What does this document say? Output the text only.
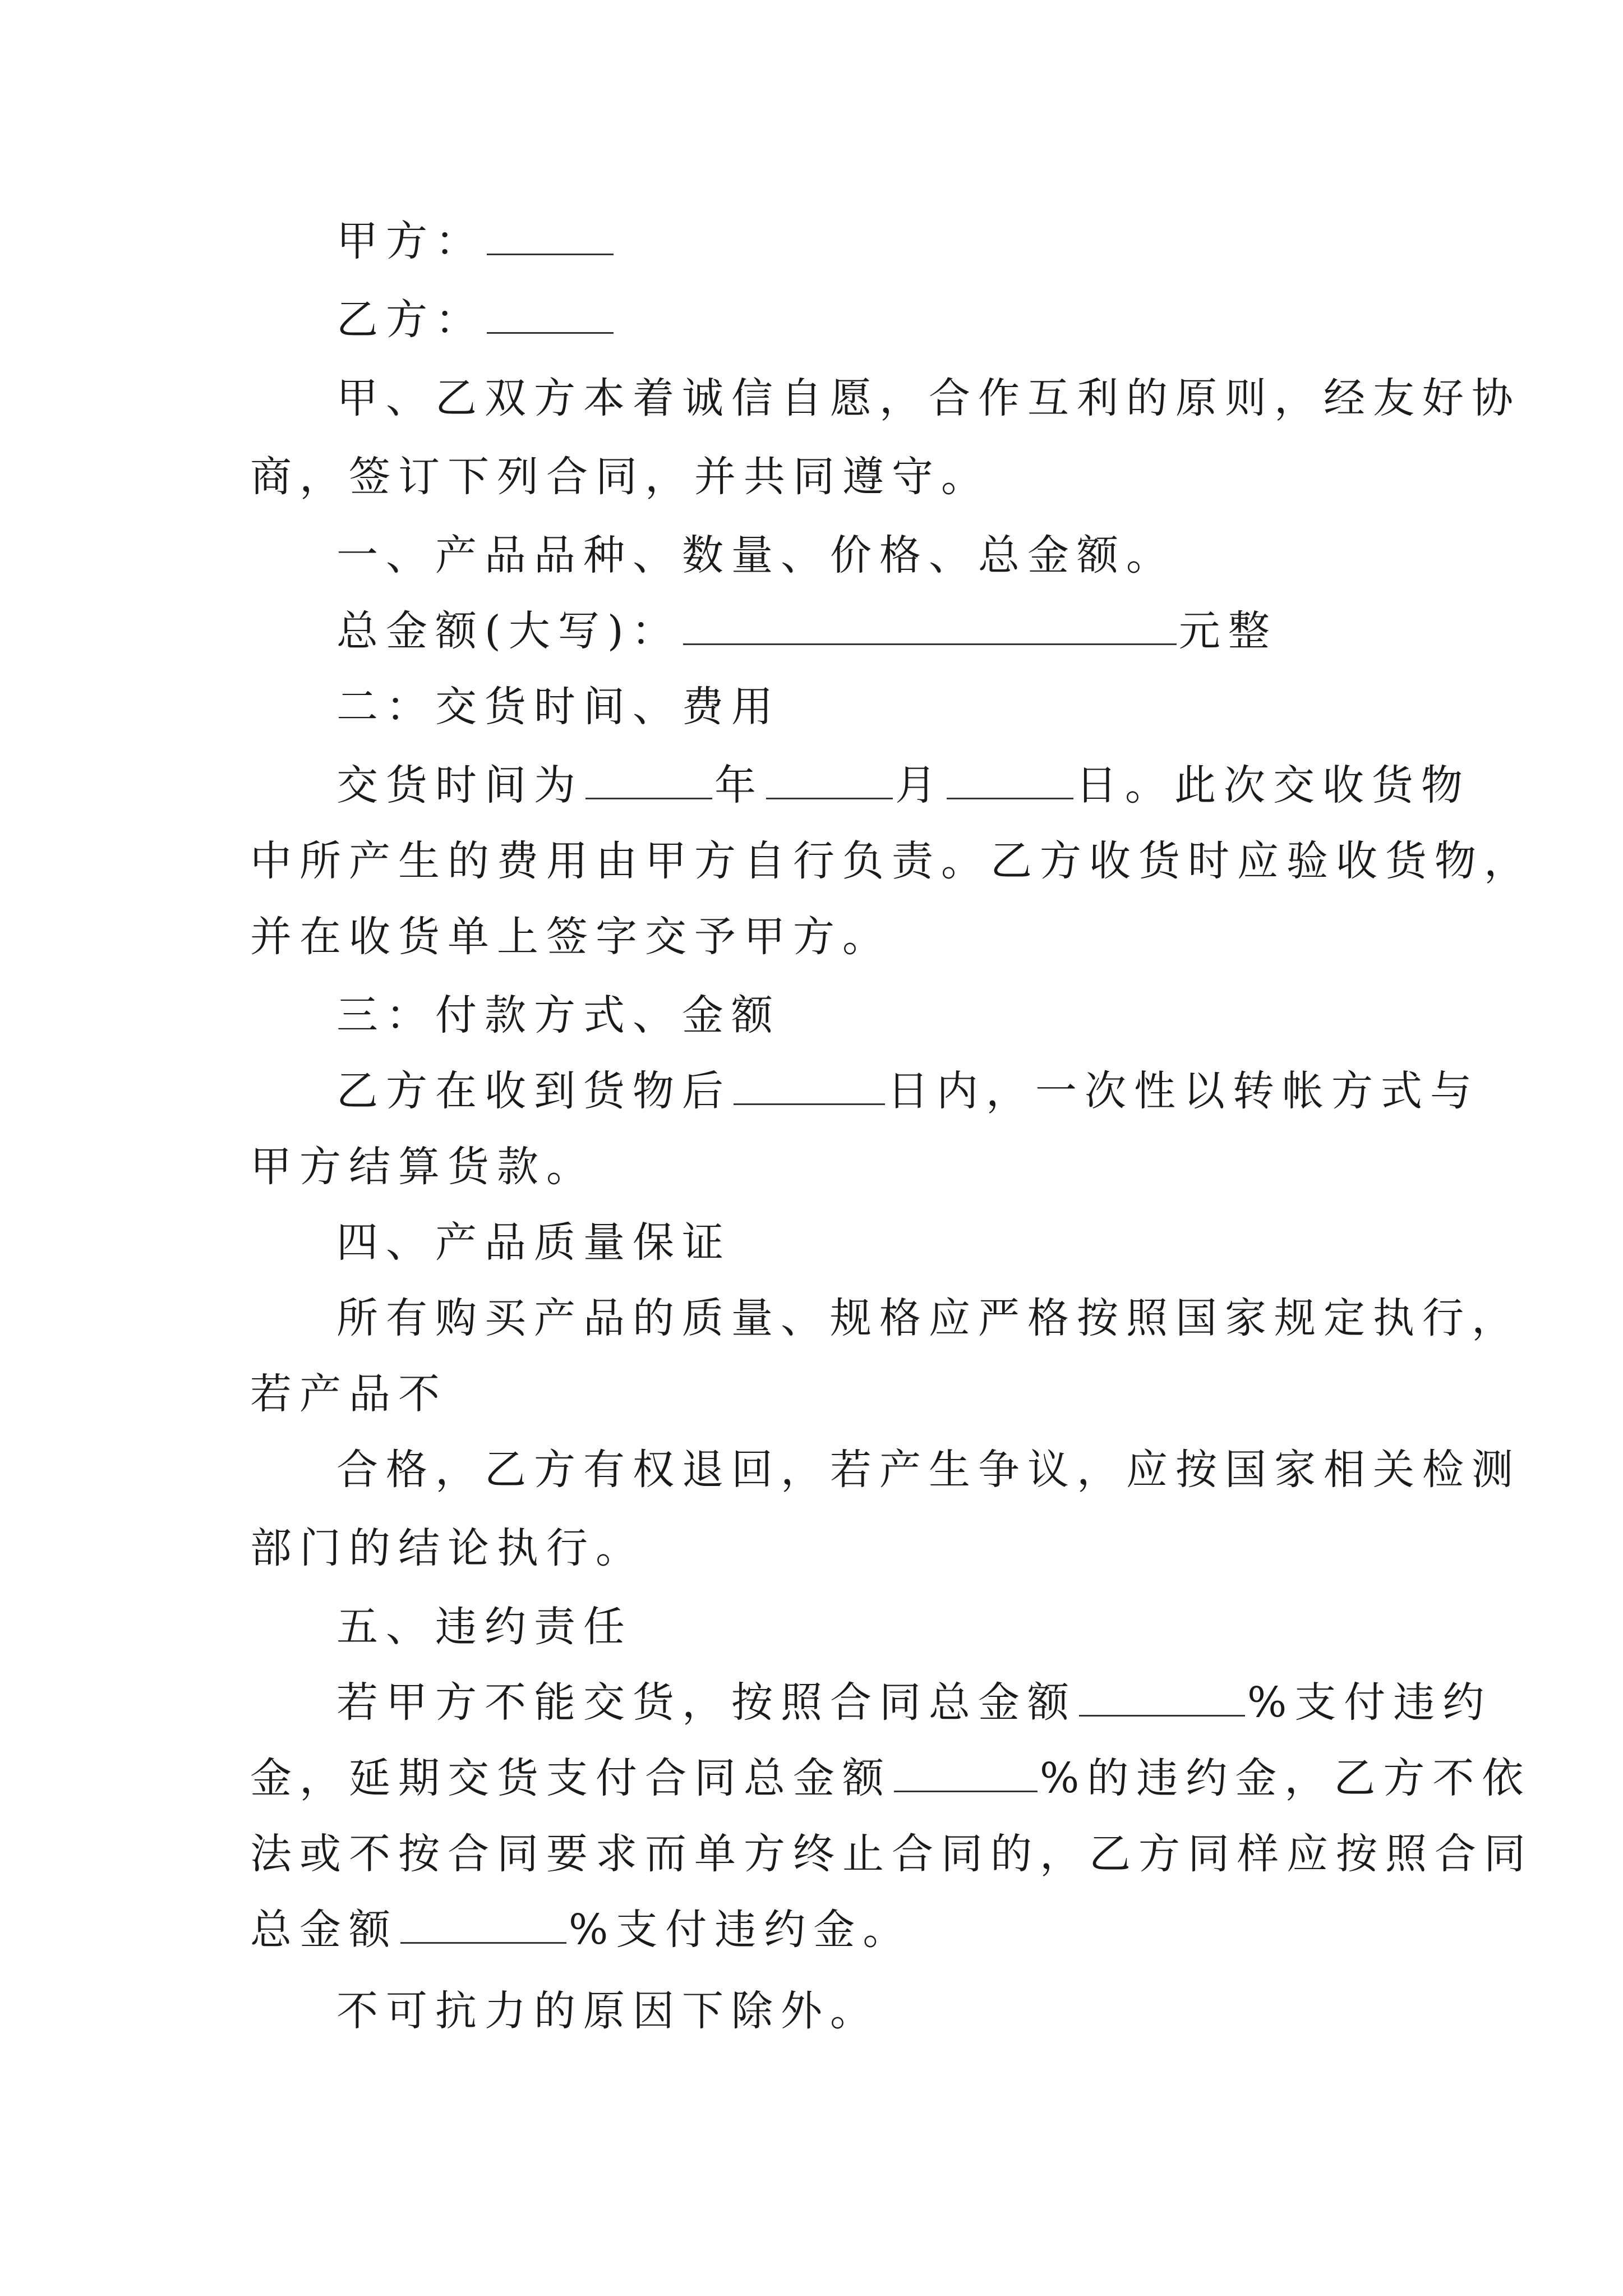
甲方：
乙方：
甲、乙双方本着诚信自愿，合作互利的原则，经友好协
商，签订下列合同，并共同遵守。
一、产品品种、数量、价格、总金额。
总金额(大写)：	元整
二：交货时间、费用
交货时间为	年	月	日。此次交收货物
中所产生的费用由甲方自行负责。乙方收货时应验收货物，
并在收货单上签字交予甲方。
三：付款方式、金额
乙方在收到货物后	日内，一次性以转帐方式与
甲方结算货款。
四、产品质量保证
所有购买产品的质量、规格应严格按照国家规定执行，
若产品不
合格，乙方有权退回，若产生争议，应按国家相关检测
部门的结论执行。
五、违约责任
若甲方不能交货，按照合同总金额	%支付违约
金，延期交货支付合同总金额	%的违约金，乙方不依
法或不按合同要求而单方终止合同的，乙方同样应按照合同
总金额	%支付违约金。
不可抗力的原因下除外。
